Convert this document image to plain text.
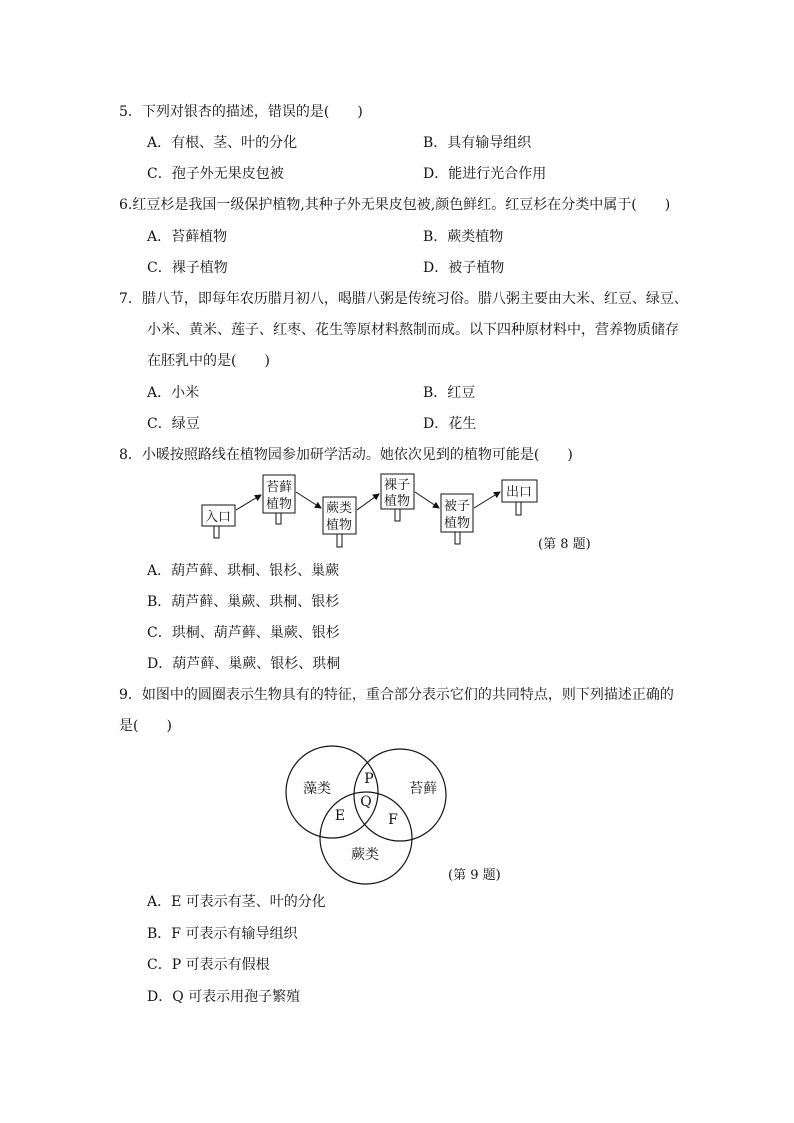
5．下列对银杏的描述，错误的是(　　)
A．有根、茎、叶的分化	B．具有输导组织
C．孢子外无果皮包被	D．能进行光合作用
6.红豆杉是我国一级保护植物,其种子外无果皮包被,颜色鲜红。红豆杉在分类中属于(　　)
A．苔藓植物	B．蕨类植物
C．裸子植物	D．被子植物
7．腊八节，即每年农历腊月初八，喝腊八粥是传统习俗。腊八粥主要由大米、红豆、绿豆、
小米、黄米、莲子、红枣、花生等原材料熬制而成。以下四种原材料中，营养物质储存
在胚乳中的是(　　)
A．小米	B．红豆
C．绿豆	D．花生
8．小暖按照路线在植物园参加研学活动。她依次见到的植物可能是(　　)
入口
苔藓
植物	蕨类
植物
裸子
植物	被子
植物
出口
(第 8 题)
A．葫芦藓、珙桐、银杉、巢蕨
B．葫芦藓、巢蕨、珙桐、银杉
C．珙桐、葫芦藓、巢蕨、银杉
D．葫芦藓、巢蕨、银杉、珙桐
9．如图中的圆圈表示生物具有的特征，重合部分表示它们的共同特点，则下列描述正确的
是(　　)
藻类	苔藓
蕨类
P
Q
E	F
(第 9 题)
A．E 可表示有茎、叶的分化
B．F 可表示有输导组织
C．P 可表示有假根
D．Q 可表示用孢子繁殖
